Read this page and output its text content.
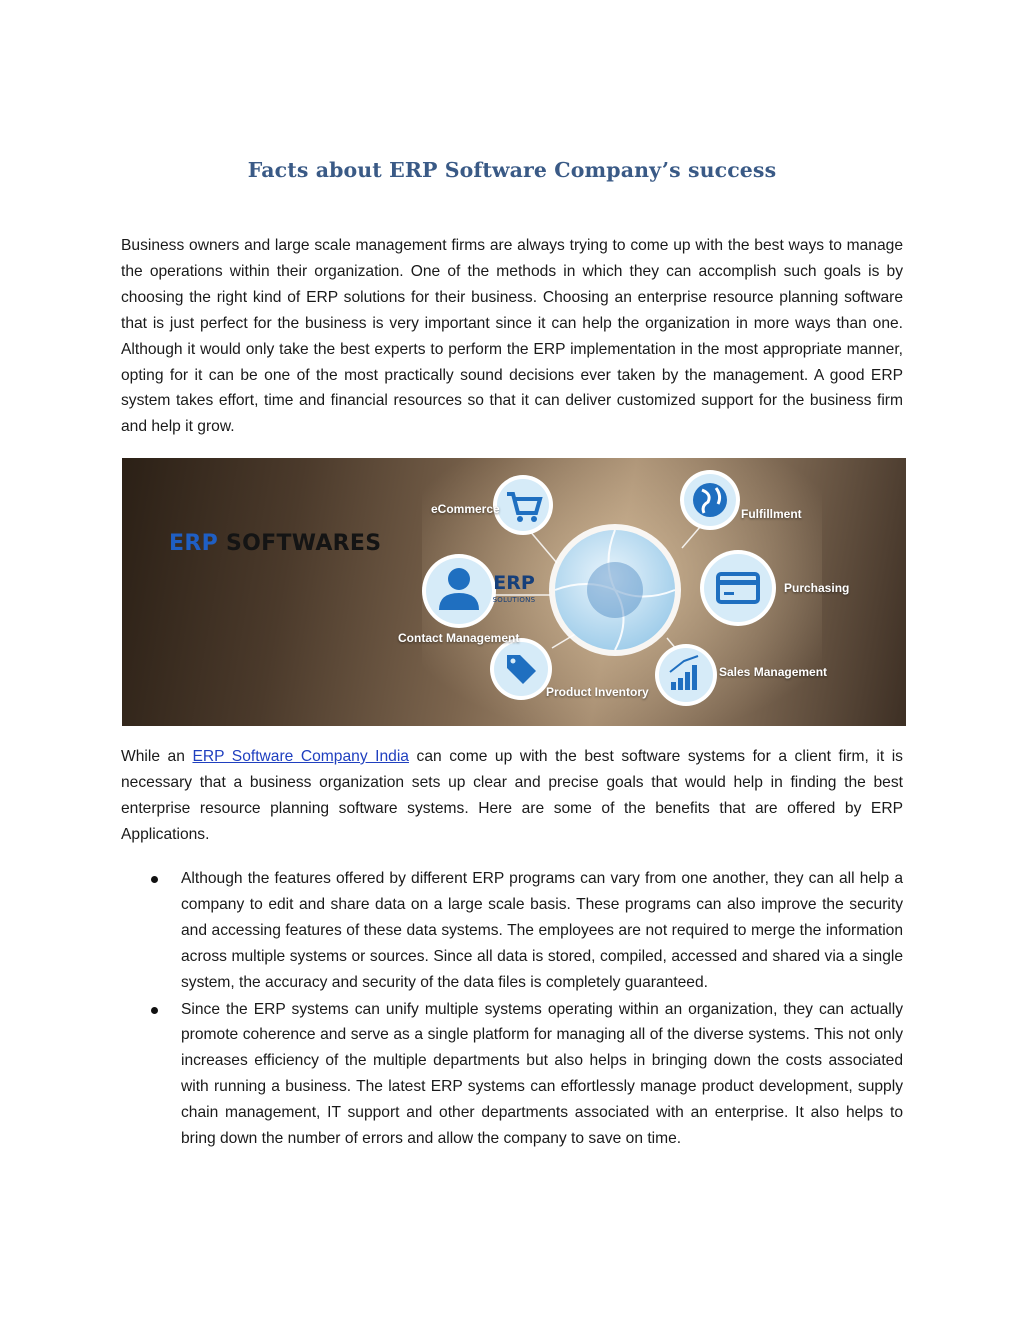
Facts about ERP Software Company’s success

Business owners and large scale management firms are always trying to come up with the best ways to manage the operations within their organization. One of the methods in which they can accomplish such goals is by choosing the right kind of ERP solutions for their business. Choosing an enterprise resource planning software that is just perfect for the business is very important since it can help the organization in more ways than one. Although it would only take the best experts to perform the ERP implementation in the most appropriate manner, opting for it can be one of the most practically sound decisions ever taken by the management. A good ERP system takes effort, time and financial resources so that it can deliver customized support for the business firm and help it grow.

ERP SOFTWARES
ERP
SOLUTIONS
eCommerce	Fulfillment
Purchasing
Contact Management
Sales Management
Product Inventory

While an ERP Software Company India can come up with the best software systems for a client firm, it is necessary that a business organization sets up clear and precise goals that would help in finding the best enterprise resource planning software systems. Here are some of the benefits that are offered by ERP Applications.

Although the features offered by different ERP programs can vary from one another, they can all help a company to edit and share data on a large scale basis. These programs can also improve the security and accessing features of these data systems. The employees are not required to merge the information across multiple systems or sources. Since all data is stored, compiled, accessed and shared via a single system, the accuracy and security of the data files is completely guaranteed.
Since the ERP systems can unify multiple systems operating within an organization, they can actually promote coherence and serve as a single platform for managing all of the diverse systems. This not only increases efficiency of the multiple departments but also helps in bringing down the costs associated with running a business. The latest ERP systems can effortlessly manage product development, supply chain management, IT support and other departments associated with an enterprise. It also helps to bring down the number of errors and allow the company to save on time.
